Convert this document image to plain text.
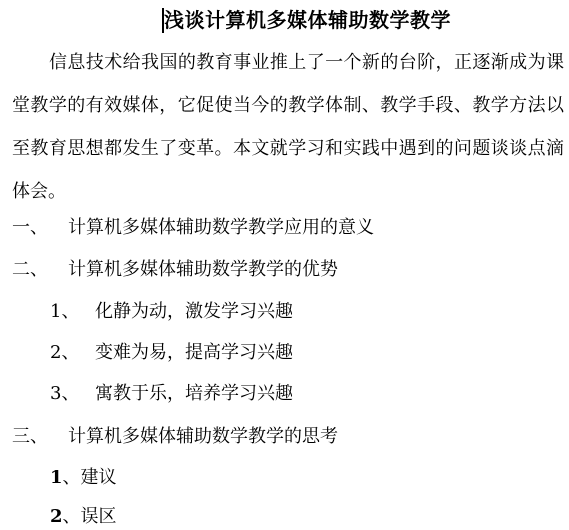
浅谈计算机多媒体辅助数学教学

信息技术给我国的教育事业推上了一个新的台阶，正逐渐成为课堂教学的有效媒体，它促使当今的教学体制、教学手段、教学方法以至教育思想都发生了变革。本文就学习和实践中遇到的问题谈谈点滴体会。

一、 计算机多媒体辅助数学教学应用的意义
二、 计算机多媒体辅助数学教学的优势
1、 化静为动，激发学习兴趣
2、 变难为易，提高学习兴趣
3、 寓教于乐，培养学习兴趣
三、 计算机多媒体辅助数学教学的思考
1、建议
2、误区
